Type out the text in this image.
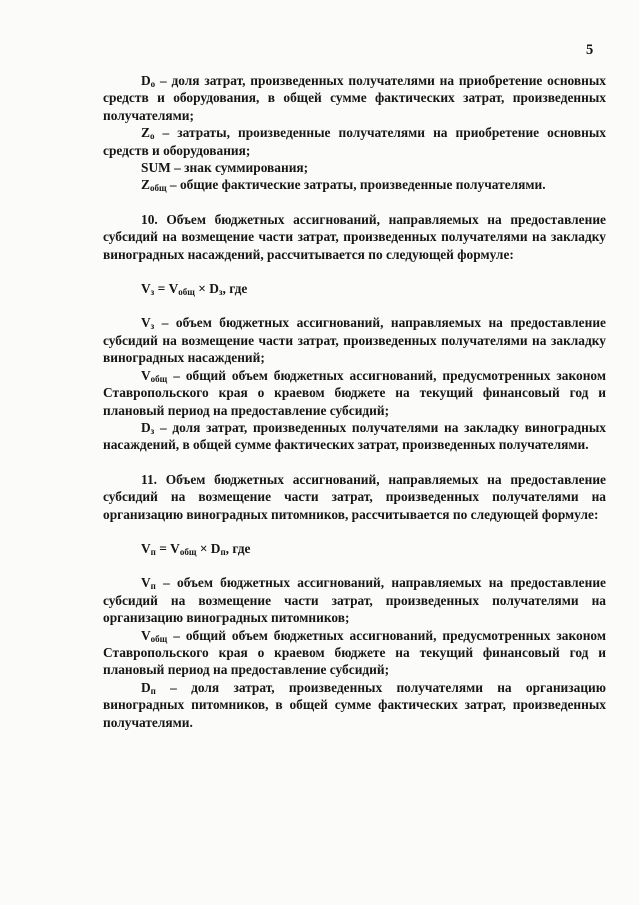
5

$D_о$ – доля затрат, произведенных получателями на приобретение основных средств и оборудования, в общей сумме фактических затрат, произведенных получателями;

$Z_о$ – затраты, произведенные получателями на приобретение основных средств и оборудования;

SUM – знак суммирования;

$Z_{общ}$ – общие фактические затраты, произведенные получателями.

10. Объем бюджетных ассигнований, направляемых на предоставление субсидий на возмещение части затрат, произведенных получателями на закладку виноградных насаждений, рассчитывается по следующей формуле:

$V_з = V_{общ} \times D_з$, где

$V_з$ – объем бюджетных ассигнований, направляемых на предоставление субсидий на возмещение части затрат, произведенных получателями на закладку виноградных насаждений;

$V_{общ}$ – общий объем бюджетных ассигнований, предусмотренных законом Ставропольского края о краевом бюджете на текущий финансовый год и плановый период на предоставление субсидий;

$D_з$ – доля затрат, произведенных получателями на закладку виноградных насаждений, в общей сумме фактических затрат, произведенных получателями.

11. Объем бюджетных ассигнований, направляемых на предоставление субсидий на возмещение части затрат, произведенных получателями на организацию виноградных питомников, рассчитывается по следующей формуле:

$V_п = V_{общ} \times D_п$, где

$V_п$ – объем бюджетных ассигнований, направляемых на предоставление субсидий на возмещение части затрат, произведенных получателями на организацию виноградных питомников;

$V_{общ}$ – общий объем бюджетных ассигнований, предусмотренных законом Ставропольского края о краевом бюджете на текущий финансовый год и плановый период на предоставление субсидий;

$D_п$ – доля затрат, произведенных получателями на организацию виноградных питомников, в общей сумме фактических затрат, произведенных получателями.
